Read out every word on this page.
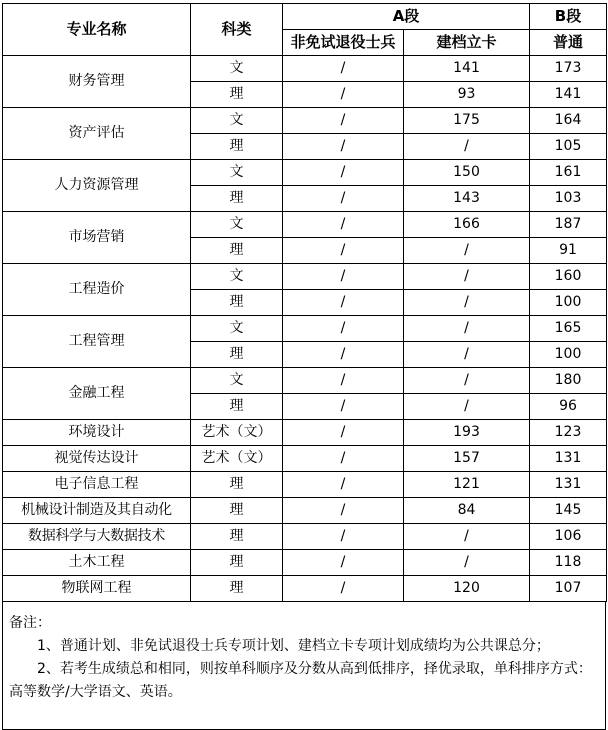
专业名称	科类	A段		B段
		非免试退役士兵	建档立卡	普通
财务管理	文	/	141	173
	理	/	93	141
资产评估	文	/	175	164
	理	/	/	105
人力资源管理	文	/	150	161
	理	/	143	103
市场营销	文	/	166	187
	理	/	/	91
工程造价	文	/	/	160
	理	/	/	100
工程管理	文	/	/	165
	理	/	/	100
金融工程	文	/	/	180
	理	/	/	96
环境设计	艺术（文）	/	193	123
视觉传达设计	艺术（文）	/	157	131
电子信息工程	理	/	121	131
机械设计制造及其自动化	理	/	84	145
数据科学与大数据技术	理	/	/	106
土木工程	理	/	/	118
物联网工程	理	/	120	107

备注：

1、普通计划、非免试退役士兵专项计划、建档立卡专项计划成绩均为公共课总分；

2、若考生成绩总和相同，则按单科顺序及分数从高到低排序，择优录取，单科排序方式：高等数学/大学语文、英语。
